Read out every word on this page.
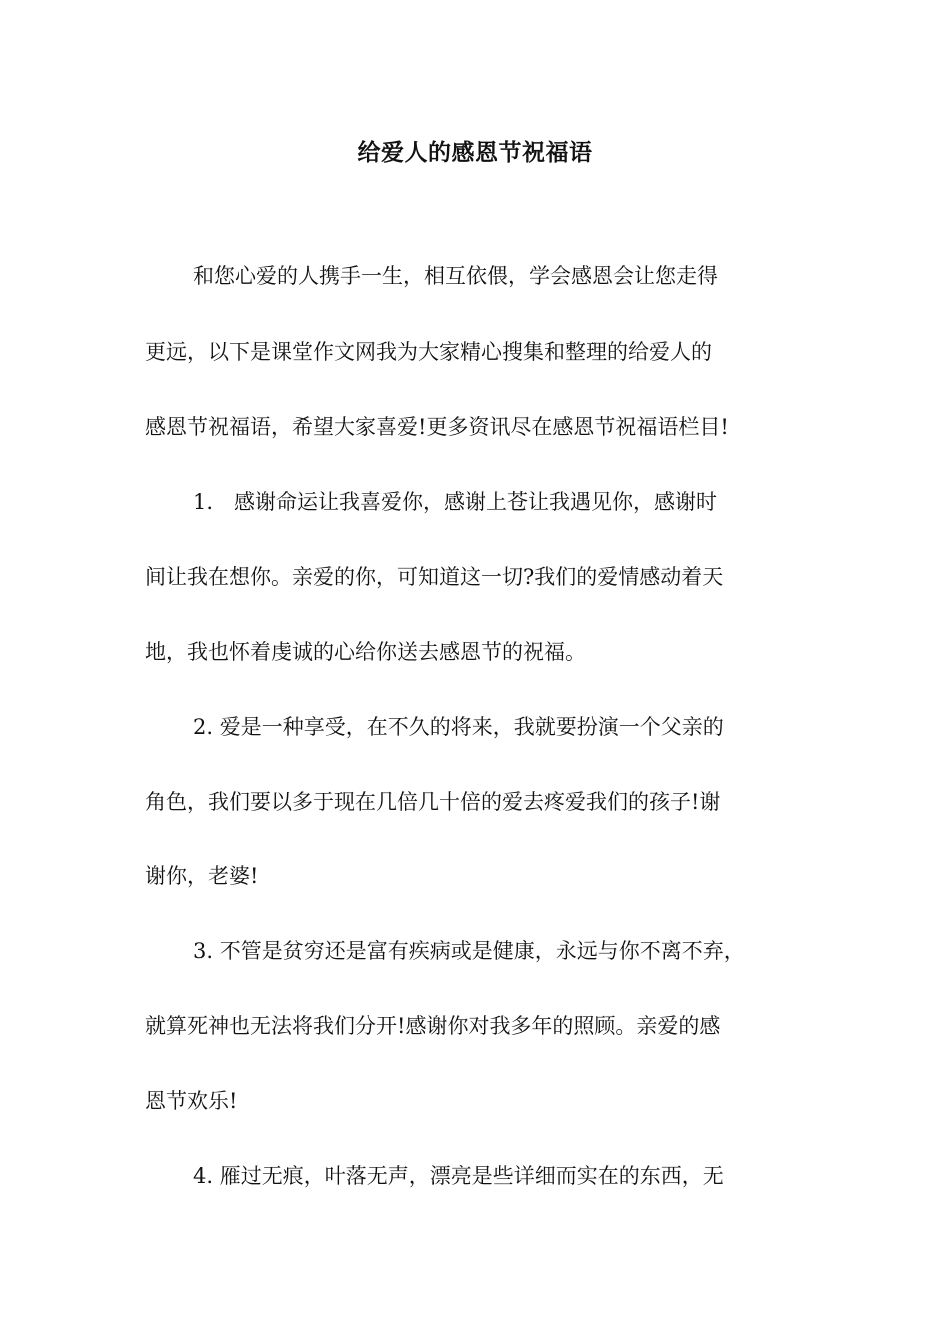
给爱人的感恩节祝福语
和您心爱的人携手一生，相互依偎，学会感恩会让您走得
更远，以下是课堂作文网我为大家精心搜集和整理的给爱人的
感恩节祝福语，希望大家喜爱!更多资讯尽在感恩节祝福语栏目!
1.　感谢命运让我喜爱你，感谢上苍让我遇见你，感谢时
间让我在想你。亲爱的你，可知道这一切?我们的爱情感动着天
地，我也怀着虔诚的心给你送去感恩节的祝福。
2. 爱是一种享受，在不久的将来，我就要扮演一个父亲的
角色，我们要以多于现在几倍几十倍的爱去疼爱我们的孩子!谢
谢你，老婆!
3. 不管是贫穷还是富有疾病或是健康，永远与你不离不弃，
就算死神也无法将我们分开!感谢你对我多年的照顾。亲爱的感
恩节欢乐!
4. 雁过无痕，叶落无声，漂亮是些详细而实在的东西，无
